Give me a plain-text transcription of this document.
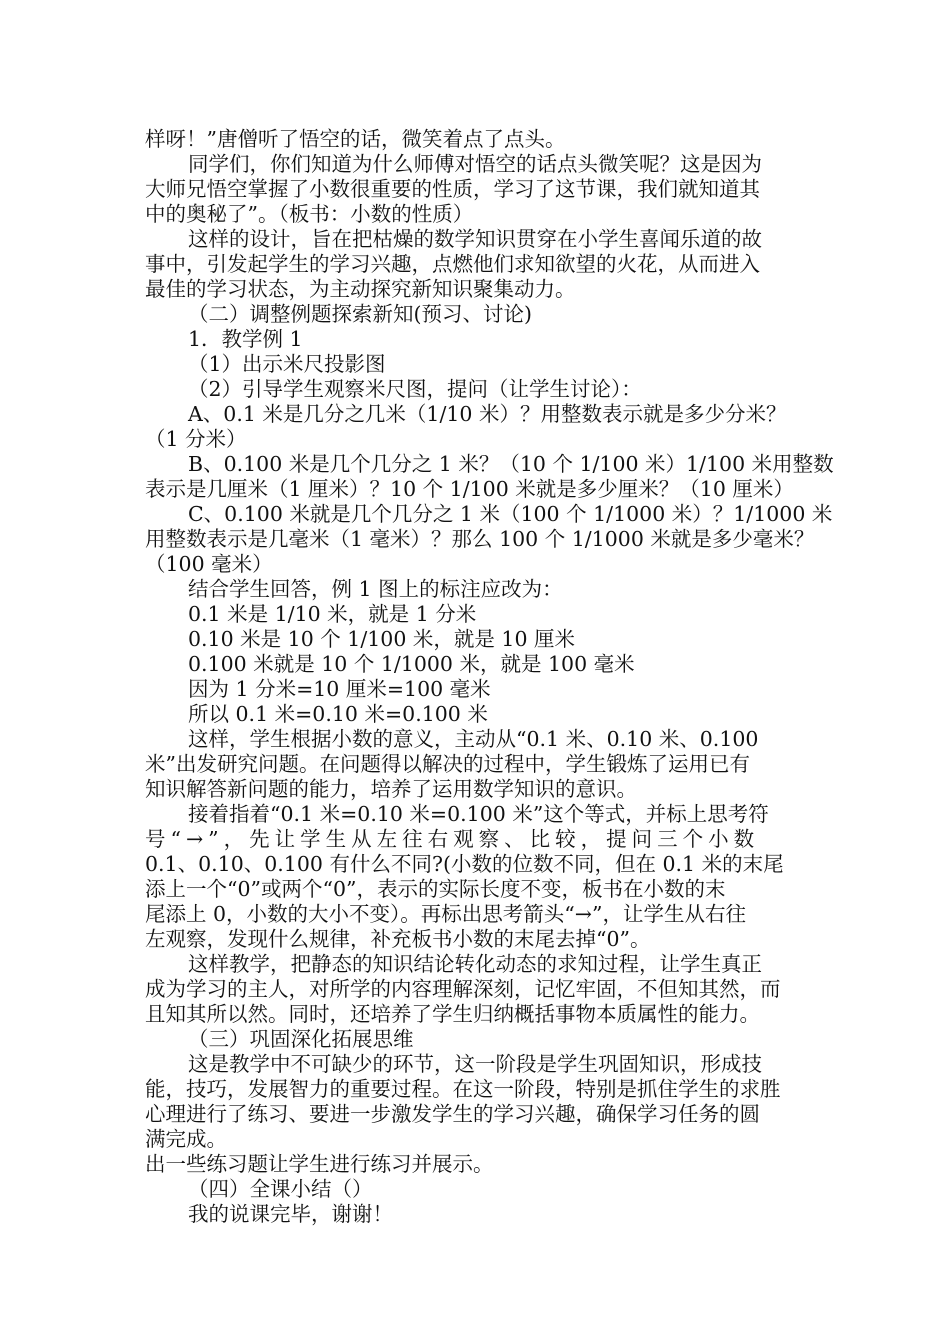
样呀！”唐僧听了悟空的话，微笑着点了点头。
同学们，你们知道为什么师傅对悟空的话点头微笑呢？这是因为
大师兄悟空掌握了小数很重要的性质，学习了这节课，我们就知道其
中的奥秘了”。（板书：小数的性质）
这样的设计，旨在把枯燥的数学知识贯穿在小学生喜闻乐道的故
事中，引发起学生的学习兴趣，点燃他们求知欲望的火花，从而进入
最佳的学习状态，为主动探究新知识聚集动力。
（二）调整例题探索新知(预习、讨论)
1．教学例 1
（1）出示米尺投影图
（2）引导学生观察米尺图，提问（让学生讨论）：
A、0.1 米是几分之几米（1/10 米）？用整数表示就是多少分米？
（1 分米）
B、0.100 米是几个几分之 1 米？（10 个 1/100 米）1/100 米用整数
表示是几厘米（1 厘米）？10 个 1/100 米就是多少厘米？（10 厘米）
C、0.100 米就是几个几分之 1 米（100 个 1/1000 米）？1/1000 米
用整数表示是几毫米（1 毫米）？那么 100 个 1/1000 米就是多少毫米？
（100 毫米）
结合学生回答，例 1 图上的标注应改为：
0.1 米是 1/10 米，就是 1 分米
0.10 米是 10 个 1/100 米，就是 10 厘米
0.100 米就是 10 个 1/1000 米，就是 100 毫米
因为 1 分米=10 厘米=100 毫米
所以 0.1 米=0.10 米=0.100 米
这样，学生根据小数的意义，主动从“0.1 米、0.10 米、0.100
米”出发研究问题。在问题得以解决的过程中，学生锻炼了运用已有
知识解答新问题的能力，培养了运用数学知识的意识。
接着指着“0.1 米=0.10 米=0.100 米”这个等式，并标上思考符
号“→”，先让学生从左往右观察、比较，提问三个小数
0.1、0.10、0.100 有什么不同?(小数的位数不同，但在 0.1 米的末尾
添上一个“0”或两个“0”，表示的实际长度不变，板书在小数的末
尾添上 0，小数的大小不变）。再标出思考箭头“→”，让学生从右往
左观察，发现什么规律，补充板书小数的末尾去掉“0”。
这样教学，把静态的知识结论转化动态的求知过程，让学生真正
成为学习的主人，对所学的内容理解深刻，记忆牢固，不但知其然，而
且知其所以然。同时，还培养了学生归纳概括事物本质属性的能力。
（三）巩固深化拓展思维
这是教学中不可缺少的环节，这一阶段是学生巩固知识，形成技
能，技巧，发展智力的重要过程。在这一阶段，特别是抓住学生的求胜
心理进行了练习、要进一步激发学生的学习兴趣，确保学习任务的圆
满完成。
出一些练习题让学生进行练习并展示。
（四）全课小结（）
我的说课完毕，谢谢！
